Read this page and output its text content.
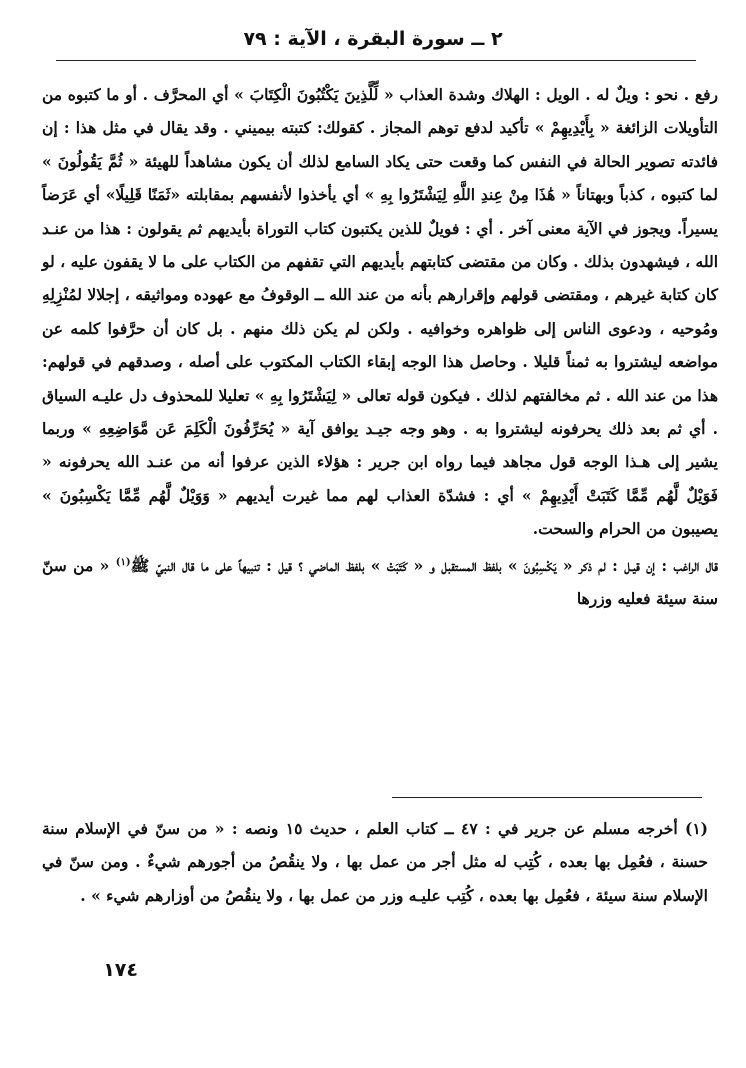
٢ ــ سورة البقرة ، الآية : ٧٩

رفع . نحو : ويلٌ له . الويل : الهلاك وشدة العذاب « لِّلَّذِينَ يَكْتُبُونَ الْكِتَابَ » أي المحرَّف . أو ما كتبوه من التأويلات الزائغة « بِأَيْدِيهِمْ » تأكيد لدفع توهم المجاز . كقولك: كتبته بيميني . وقد يقال في مثل هذا : إن فائدته تصوير الحالة في النفس كما وقعت حتى يكاد السامع لذلك أن يكون مشاهداً للهيئة « ثُمَّ يَقُولُونَ » لما كتبوه ، كذباً وبهتاناً « هَٰذَا مِنْ عِندِ اللَّهِ لِيَشْتَرُوا بِهِ » أي يأخذوا لأنفسهم بمقابلته «ثَمَنًا قَلِيلًا» أي عَرَضاً يسيراً. ويجوز في الآية معنى آخر . أي : فويلٌ للذين يكتبون كتاب التوراة بأيديهم ثم يقولون : هذا من عنـد الله ، فيشهدون بذلك . وكان من مقتضى كتابتهم بأيديهم التي تقفهم من الكتاب على ما لا يقفون عليه ، لو كان كتابة غيرهم ، ومقتضى قولهم وإقرارهم بأنه من عند الله ــ الوقوفُ مع عهوده ومواثيقه ، إجلالا لمُنْزِلِهِ ومُوحيه ، ودعوى الناس إلى ظواهره وخوافيه . ولكن لم يكن ذلك منهم . بل كان أن حرَّفوا كلمه عن مواضعه ليشتروا به ثمناً قليلا . وحاصل هذا الوجه إبقاء الكتاب المكتوب على أصله ، وصدقهم في قولهم: هذا من عند الله . ثم مخالفتهم لذلك . فيكون قوله تعالى « لِيَشْتَرُوا بِهِ » تعليلا للمحذوف دل عليـه السياق . أي ثم بعد ذلك يحرفونه ليشتروا به . وهو وجه جيـد يوافق آية « يُحَرِّفُونَ الْكَلِمَ عَن مَّوَاضِعِهِ » وربما يشير إلى هـذا الوجه قول مجاهد فيما رواه ابن جرير : هؤلاء الذين عرفوا أنه من عنـد الله يحرفونه « فَوَيْلٌ لَّهُم مِّمَّا كَتَبَتْ أَيْدِيهِمْ » أي : فشدّة العذاب لهم مما غيرت أيديهم « وَوَيْلٌ لَّهُم مِّمَّا يَكْسِبُونَ » يصيبون من الحرام والسحت.

قال الراغب : إن قيـل : لم ذكر « يَكْسِبُونَ » بلفظ المستقبل و « كَتَبَتْ » بلفظ الماضي ؟ قيل : تنبيهاً على ما قال النبيّ ﷺ$^{(١)}$ « من سنّ سنة سيئة فعليه وزرها

(١) أخرجه مسلم عن جرير في : ٤٧ ــ كتاب العلم ، حديث ١٥ ونصه : « من سنّ في الإسلام سنة حسنة ، فعُمِل بها بعده ، كُتِب له مثل أجر من عمل بها ، ولا ينقُصُ من أجورهم شيءٌ . ومن سنّ في الإسلام سنة سيئة ، فعُمِل بها بعده ، كُتِب عليـه وزر من عمل بها ، ولا ينقُصُ من أوزارهم شيء » .

١٧٤
